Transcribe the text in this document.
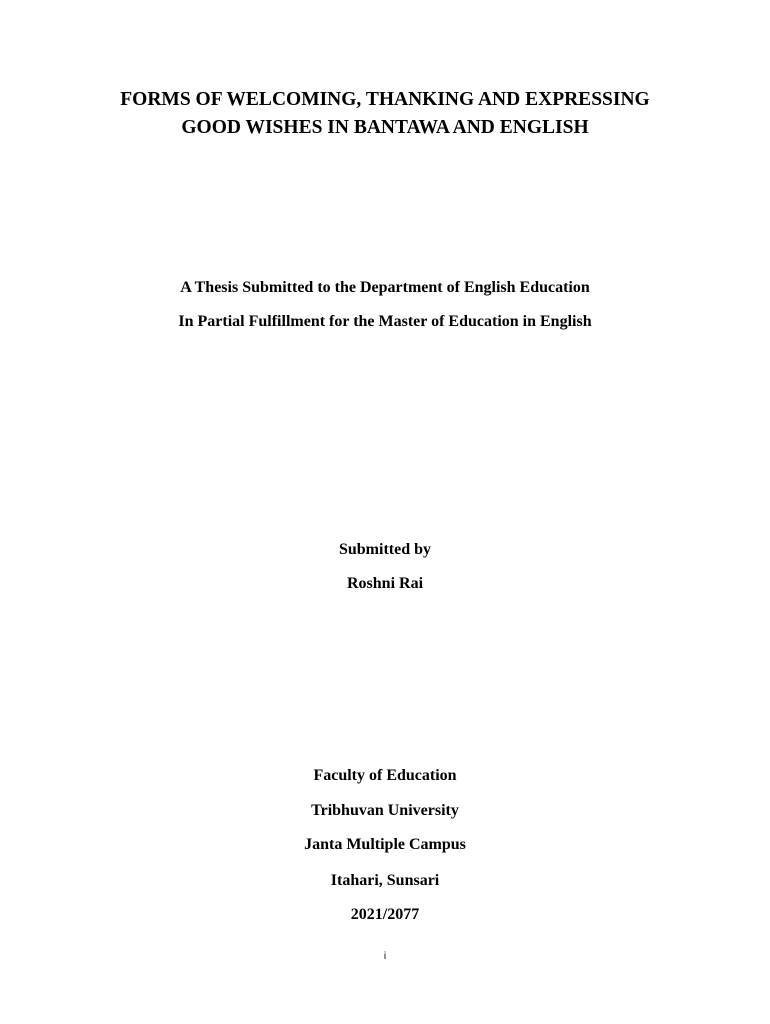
FORMS OF WELCOMING, THANKING AND EXPRESSING
GOOD WISHES IN BANTAWA AND ENGLISH
A Thesis Submitted to the Department of English Education
In Partial Fulfillment for the Master of Education in English
Submitted by
Roshni Rai
Faculty of Education
Tribhuvan University
Janta Multiple Campus
Itahari, Sunsari
2021/2077
i
